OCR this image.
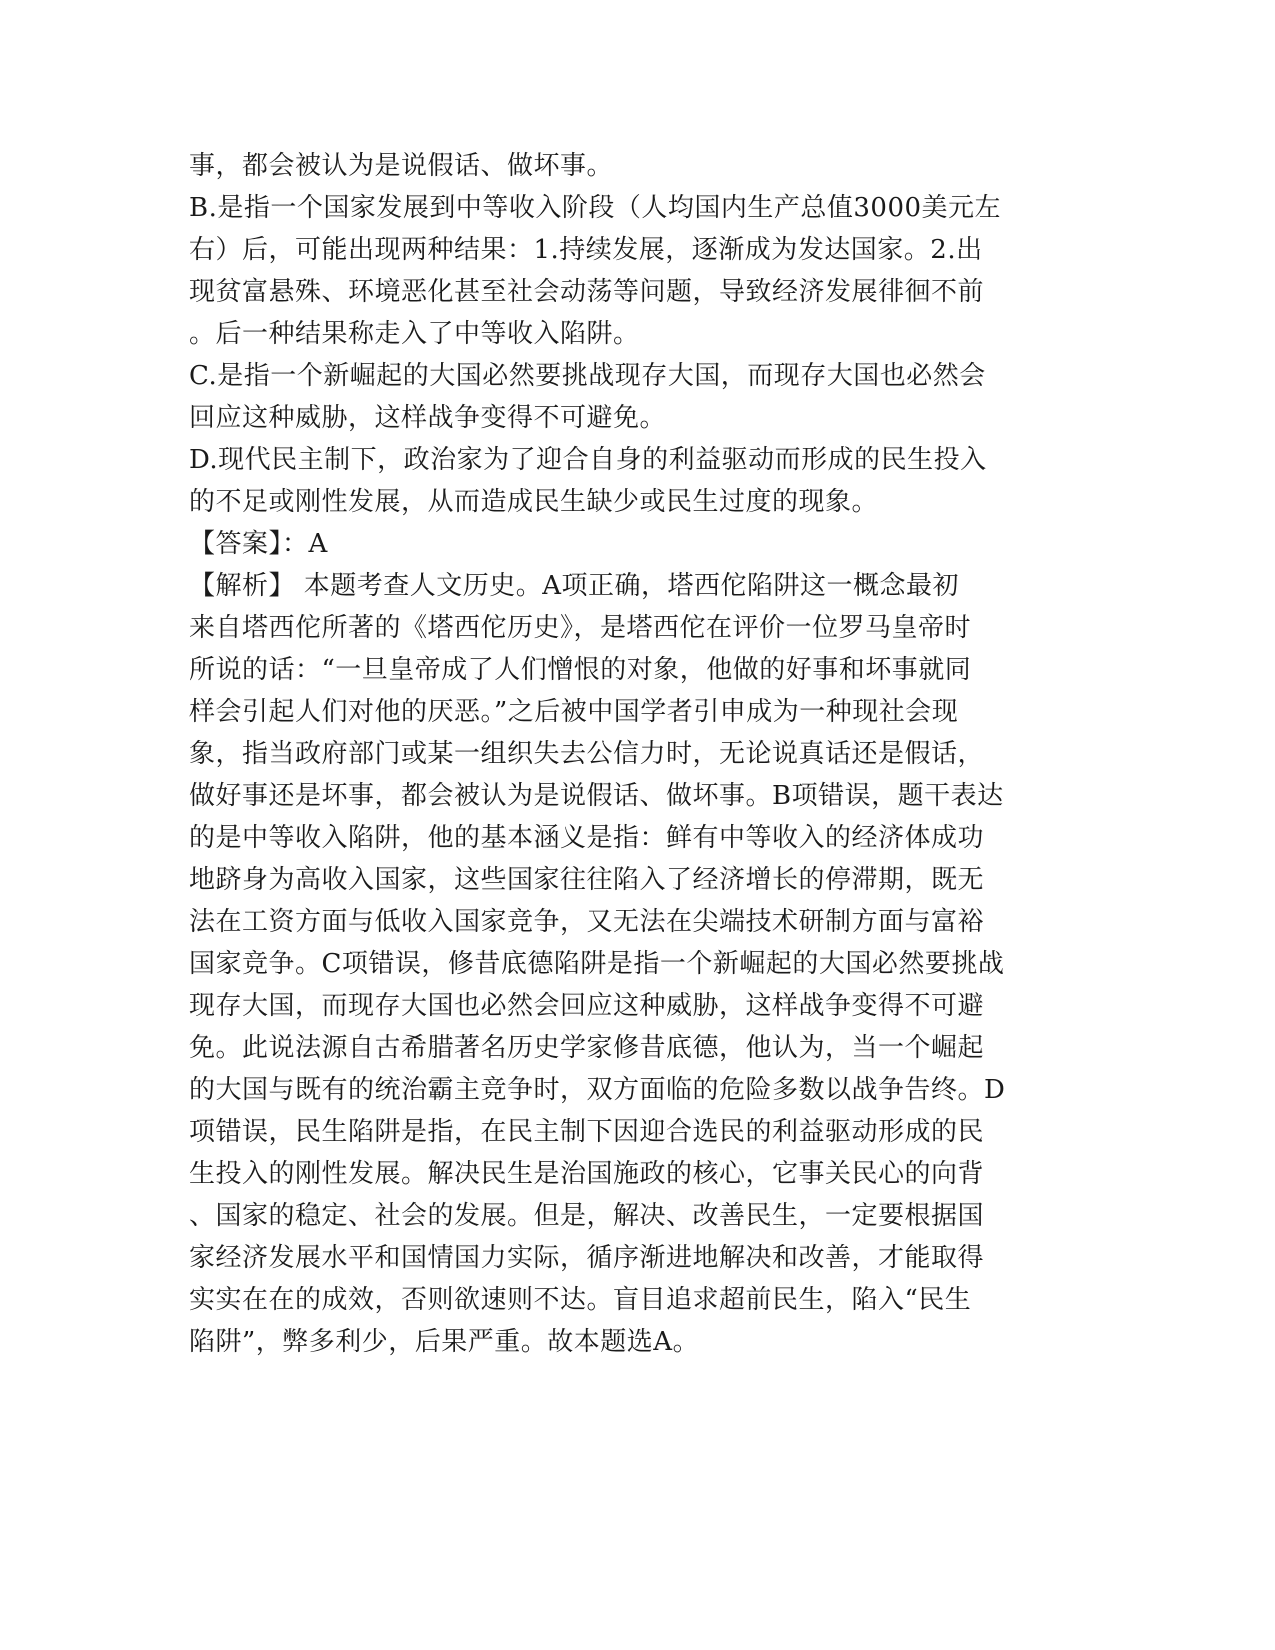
事，都会被认为是说假话、做坏事。
B.是指一个国家发展到中等收入阶段（人均国内生产总值3000美元左
右）后，可能出现两种结果：1.持续发展，逐渐成为发达国家。2.出
现贫富悬殊、环境恶化甚至社会动荡等问题，导致经济发展徘徊不前
。后一种结果称走入了中等收入陷阱。
C.是指一个新崛起的大国必然要挑战现存大国，而现存大国也必然会
回应这种威胁，这样战争变得不可避免。
D.现代民主制下，政治家为了迎合自身的利益驱动而形成的民生投入
的不足或刚性发展，从而造成民生缺少或民生过度的现象。
【答案】：A
【解析】 本题考查人文历史。A项正确，塔西佗陷阱这一概念最初
来自塔西佗所著的《塔西佗历史》，是塔西佗在评价一位罗马皇帝时
所说的话：“一旦皇帝成了人们憎恨的对象，他做的好事和坏事就同
样会引起人们对他的厌恶。”之后被中国学者引申成为一种现社会现
象，指当政府部门或某一组织失去公信力时，无论说真话还是假话，
做好事还是坏事，都会被认为是说假话、做坏事。B项错误，题干表达
的是中等收入陷阱，他的基本涵义是指：鲜有中等收入的经济体成功
地跻身为高收入国家，这些国家往往陷入了经济增长的停滞期，既无
法在工资方面与低收入国家竞争，又无法在尖端技术研制方面与富裕
国家竞争。C项错误，修昔底德陷阱是指一个新崛起的大国必然要挑战
现存大国，而现存大国也必然会回应这种威胁，这样战争变得不可避
免。此说法源自古希腊著名历史学家修昔底德，他认为，当一个崛起
的大国与既有的统治霸主竞争时，双方面临的危险多数以战争告终。D
项错误，民生陷阱是指，在民主制下因迎合选民的利益驱动形成的民
生投入的刚性发展。解决民生是治国施政的核心，它事关民心的向背
、国家的稳定、社会的发展。但是，解决、改善民生，一定要根据国
家经济发展水平和国情国力实际，循序渐进地解决和改善，才能取得
实实在在的成效，否则欲速则不达。盲目追求超前民生，陷入“民生
陷阱”，弊多利少，后果严重。故本题选A。
